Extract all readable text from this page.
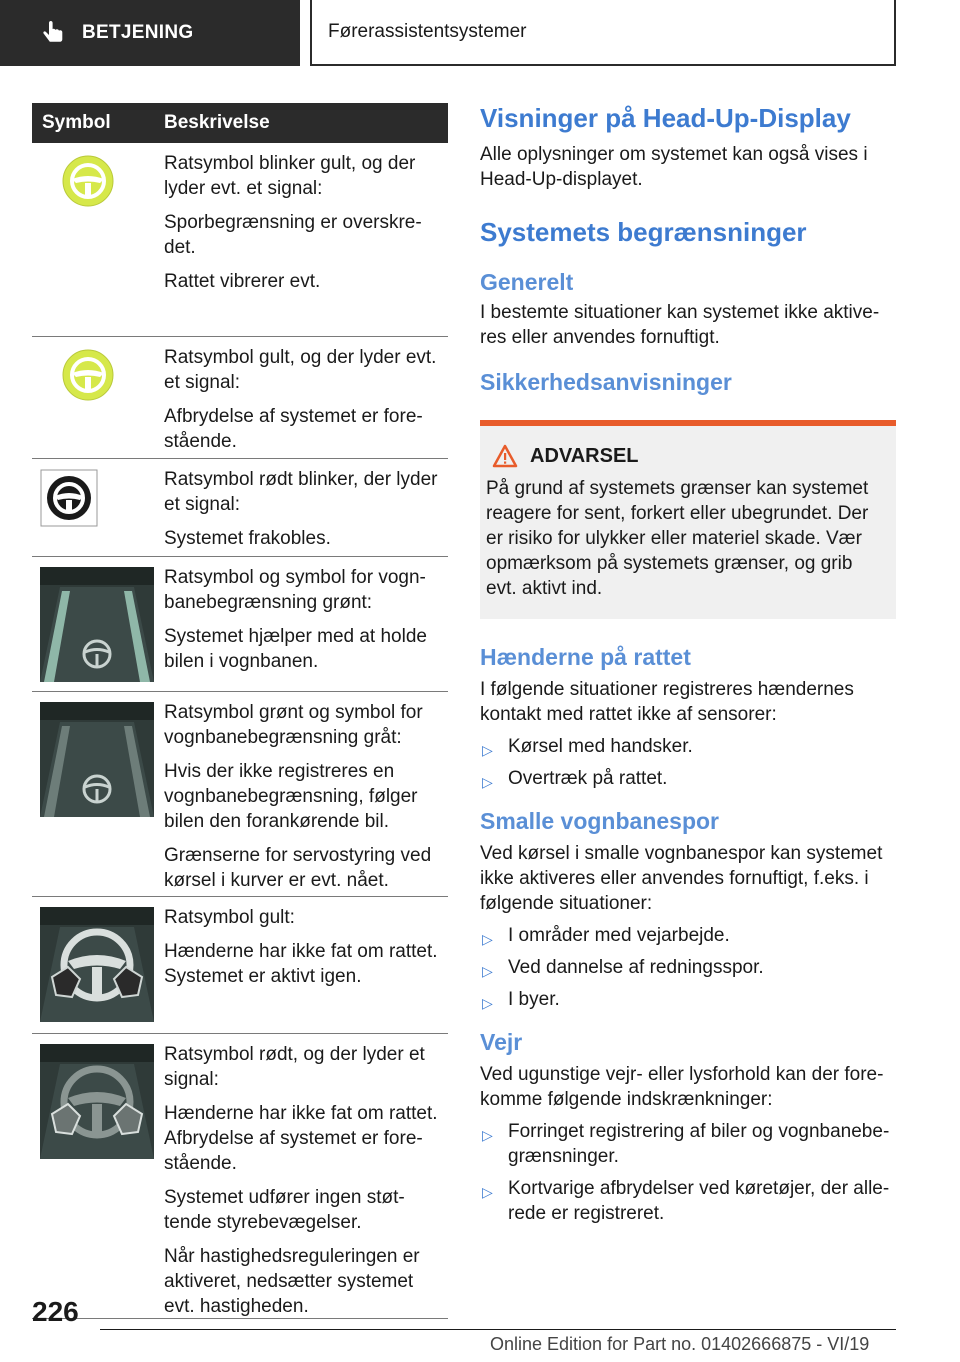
BETJENING	Førerassistentsystemer
Symbol	Beskrivelse

Ratsymbol blinker gult, og der lyder evt. et signal:

Sporbegrænsning er overskre-det.

Rattet vibrerer evt.

Ratsymbol gult, og der lyder evt. et signal:

Afbrydelse af systemet er fore-stående.

Ratsymbol rødt blinker, der lyder et signal:

Systemet frakobles.

Ratsymbol og symbol for vogn-banebegrænsning grønt:

Systemet hjælper med at holde bilen i vognbanen.

Ratsymbol grønt og symbol for vognbanebegrænsning gråt:

Hvis der ikke registreres en vognbanebegrænsning, følger bilen den forankørende bil.

Grænserne for servostyring ved kørsel i kurver er evt. nået.

Ratsymbol gult:

Hænderne har ikke fat om rattet. Systemet er aktivt igen.

Ratsymbol rødt, og der lyder et signal:

Hænderne har ikke fat om rattet. Afbrydelse af systemet er fore-stående.

Systemet udfører ingen støt-tende styrebevægelser.

Når hastighedsreguleringen er aktiveret, nedsætter systemet evt. hastigheden.

Visninger på Head-Up-Display

Alle oplysninger om systemet kan også vises i Head-Up-displayet.

Systemets begrænsninger
Generelt

I bestemte situationer kan systemet ikke aktive-res eller anvendes fornuftigt.

Sikkerhedsanvisninger
ADVARSEL

På grund af systemets grænser kan systemet reagere for sent, forkert eller ubegrundet. Der er risiko for ulykker eller materiel skade. Vær opmærksom på systemets grænser, og grib evt. aktivt ind.

Hænderne på rattet

I følgende situationer registreres hændernes kontakt med rattet ikke af sensorer:

▷ Kørsel med handsker.
▷ Overtræk på rattet.
Smalle vognbanespor

Ved kørsel i smalle vognbanespor kan systemet ikke aktiveres eller anvendes fornuftigt, f.eks. i følgende situationer:

▷ I områder med vejarbejde.
▷ Ved dannelse af redningsspor.
▷ I byer.
Vejr

Ved ugunstige vejr- eller lysforhold kan der fore-komme følgende indskrænkninger:

▷ Forringet registrering af biler og vognbanebe-grænsninger.
▷ Kortvarige afbrydelser ved køretøjer, der alle-rede er registreret.
226
Online Edition for Part no. 01402666875 - VI/19
